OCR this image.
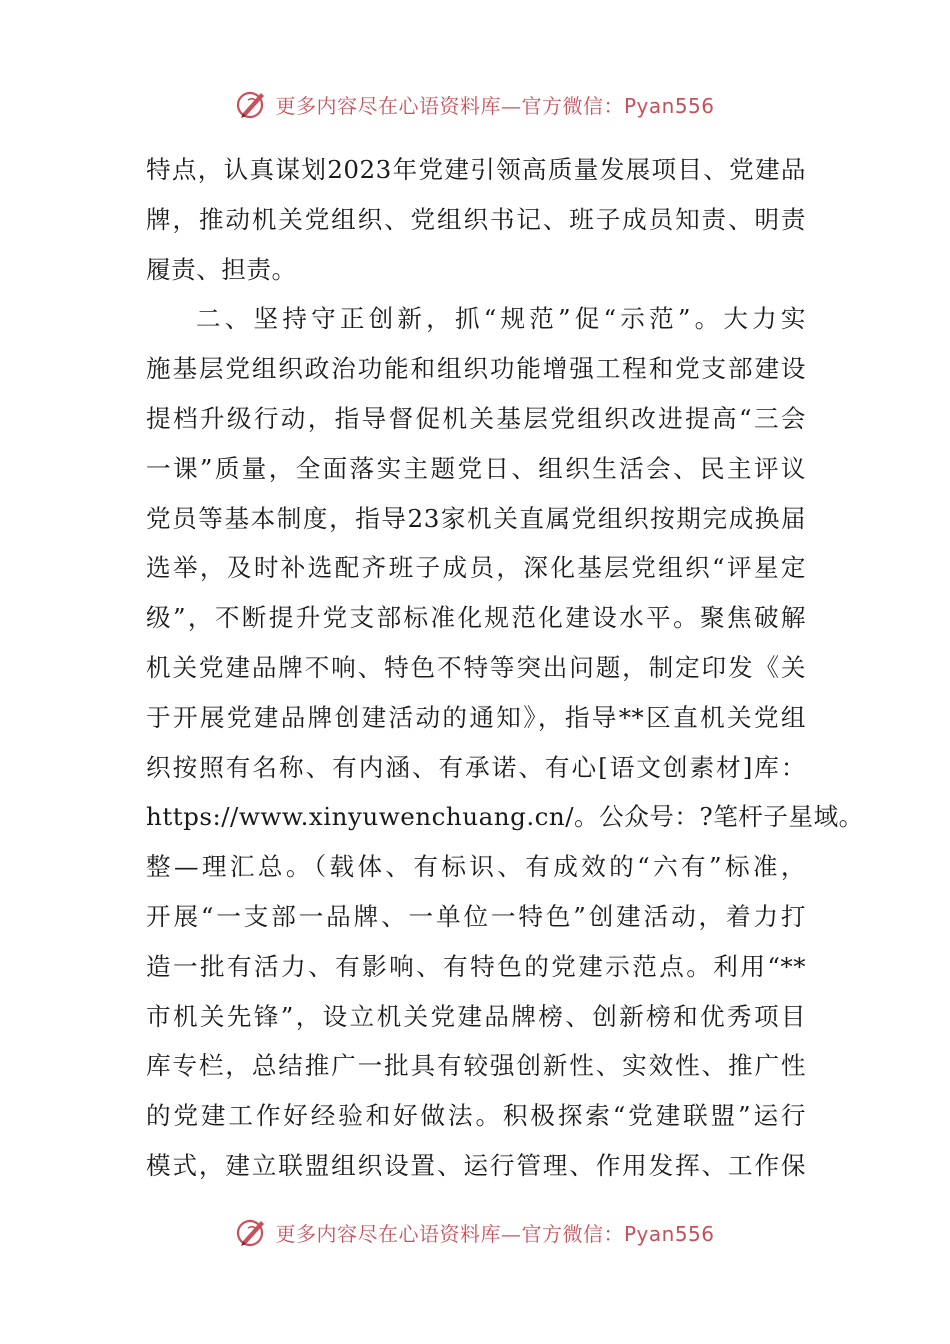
更多内容尽在心语资料库—官方微信：Pyan556
特点，认真谋划2023年党建引领高质量发展项目、党建品
牌，推动机关党组织、党组织书记、班子成员知责、明责
履责、担责。
二、坚持守正创新，抓“规范”促“示范”。大力实
施基层党组织政治功能和组织功能增强工程和党支部建设
提档升级行动，指导督促机关基层党组织改进提高“三会
一课”质量，全面落实主题党日、组织生活会、民主评议
党员等基本制度，指导23家机关直属党组织按期完成换届
选举，及时补选配齐班子成员，深化基层党组织“评星定
级”，不断提升党支部标准化规范化建设水平。聚焦破解
机关党建品牌不响、特色不特等突出问题，制定印发《关
于开展党建品牌创建活动的通知》，指导**区直机关党组
织按照有名称、有内涵、有承诺、有心[语文创素材]库：
https://www.xinyuwenchuang.cn/。公众号：?笔杆子星域。
整—理汇总。（载体、有标识、有成效的“六有”标准，
开展“一支部一品牌、一单位一特色”创建活动，着力打
造一批有活力、有影响、有特色的党建示范点。利用“**
市机关先锋”，设立机关党建品牌榜、创新榜和优秀项目
库专栏，总结推广一批具有较强创新性、实效性、推广性
的党建工作好经验和好做法。积极探索“党建联盟”运行
模式，建立联盟组织设置、运行管理、作用发挥、工作保
更多内容尽在心语资料库—官方微信：Pyan556
